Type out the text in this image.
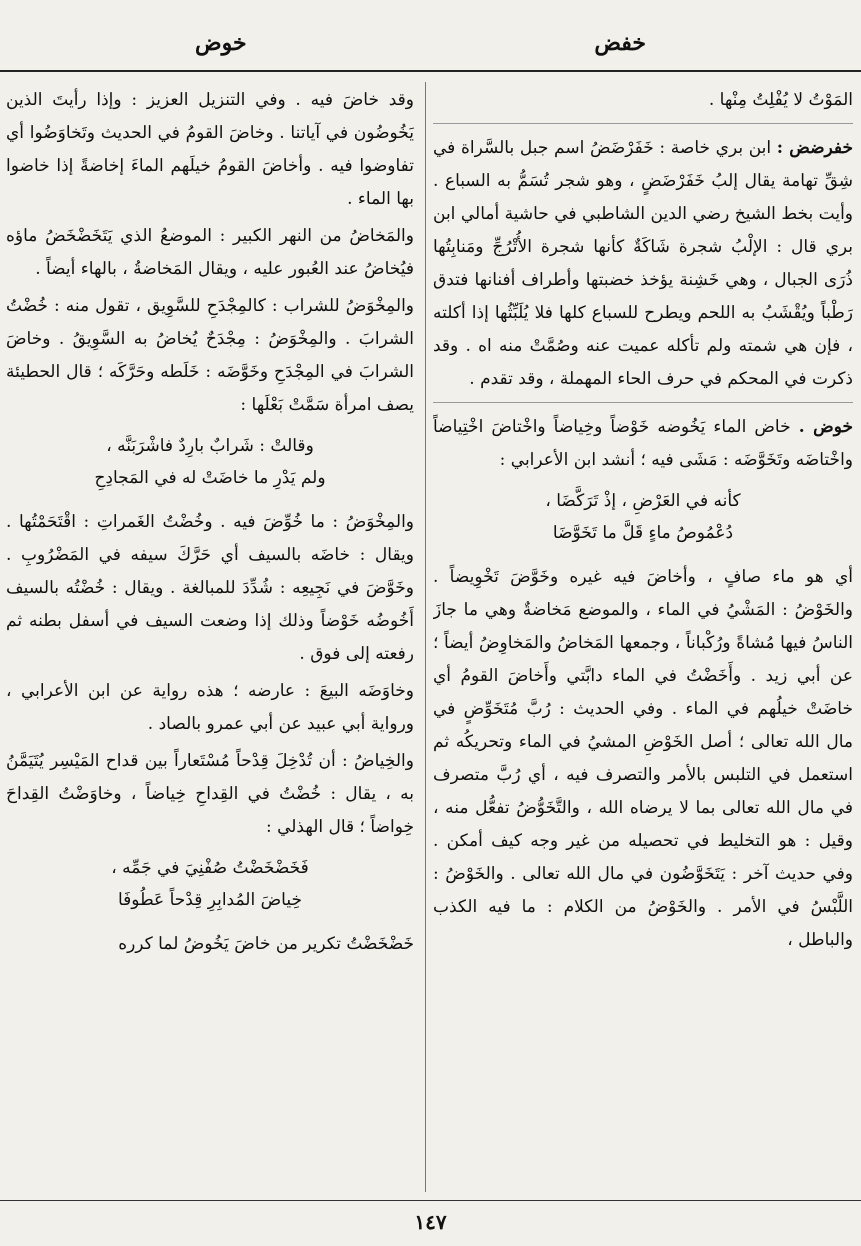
خفض
خوض

المَوْتُ لا يُفْلِتُ مِنْها .

خفرضض : ابن بري خاصة : خَفَرْضَضُ اسم جبل بالسَّراة في شِقِّ تهامة يقال إلبُ خَفَرْضَضٍ ، وهو شجر تُسَمُّ به السباع . وأيت بخط الشيخ رضي الدين الشاطبي في حاشية أمالي ابن بري قال : الإلْبُ شجرة شَاكَةٌ كأنها شجرة الأُتْرُجِّ ومَنابِتُها ذُرَى الجبال ، وهي خَشِنة يؤخذ خضبتها وأطراف أفنانها فتدق رَطْباً ويُقْشَبُ به اللحم ويطرح للسباع كلها فلا يُلَبِّثُها إذا أكلته ، فإن هي شمته ولم تأكله عميت عنه وصُمَّتْ منه اه . وقد ذكرت في المحكم في حرف الحاء المهملة ، وقد تقدم .

خوض . خاض الماء يَخُوضه خَوْضاً وخِياضاً واخْتاضَ اخْتِياضاً واخْتاضَه وتَخَوَّضَه : مَشَى فيه ؛ أنشد ابن الأعرابي :

كأنه في العَرْضِ ، إذْ تَرَكَّضَا ،
دُعْمُوصُ ماءٍ قَلَّ ما تَخَوَّضَا

أي هو ماء صافٍ ، وأخاضَ فيه غيره وخَوَّضَ تَخْوِيضاً . والخَوْضُ : المَشْيُ في الماء ، والموضع مَخاضةٌ وهي ما جازَ الناسُ فيها مُشاةً ورُكْباناً ، وجمعها المَخاضُ والمَخاوِضُ أيضاً ؛ عن أبي زيد . وأَخَضْتُ في الماء دابَّتي وأَخاضَ القومُ أي خاضَتْ خيلُهم في الماء . وفي الحديث : رُبَّ مُتَخَوِّضٍ في مال الله تعالى ؛ أصل الخَوْضِ المشيُ في الماء وتحريكُه ثم استعمل في التلبس بالأمر والتصرف فيه ، أي رُبَّ متصرف في مال الله تعالى بما لا يرضاه الله ، والتَّخَوُّضُ تفعُّل منه ، وقيل : هو التخليط في تحصيله من غير وجه كيف أمكن . وفي حديث آخر : يَتَخَوَّضُون في مال الله تعالى . والخَوْضُ : اللَّبْسُ في الأمر . والخَوْضُ من الكلام : ما فيه الكذب والباطل ،

وقد خاضَ فيه . وفي التنزيل العزيز : وإذا رأيتَ الذين يَخُوضُون في آياتنا . وخاضَ القومُ في الحديث وتَخاوَضُوا أي تفاوضوا فيه . وأخاضَ القومُ خيلَهم الماءَ إخاضةً إذا خاضوا بها الماء .

والمَخاضُ من النهر الكبير : الموضعُ الذي يَتَخَضْخَضُ ماؤه فيُخاضُ عند العُبور عليه ، ويقال المَخاضةُ ، بالهاء أيضاً .

والمِخْوَضُ للشراب : كالمِجْدَحِ للسَّوِيق ، تقول منه : خُضْتُ الشرابَ . والمِخْوَضُ : مِجْدَحٌ يُخاضُ به السَّوِيقُ . وخاضَ الشرابَ في المِجْدَحِ وخَوَّضَه : خَلَطه وحَرَّكَه ؛ قال الحطيئة يصف امرأة سَمَّتْ بَعْلَها :

وقالتْ : شَرابٌ بارِدٌ فاشْرَبَنَّه ،
ولم يَدْرِ ما خاضَتْ له في المَجادِحِ

والمِخْوَضُ : ما خُوِّضَ فيه . وخُضْتُ الغَمراتِ : اقْتَحَمْتُها . ويقال : خاضَه بالسيف أي حَرَّكَ سيفه في المَضْرُوبِ . وخَوَّضَ في نَجِيعِه : شُدِّدَ للمبالغة . ويقال : خُضْتُه بالسيف أَخُوضُه خَوْضاً وذلك إذا وضعت السيف في أسفل بطنه ثم رفعته إلى فوق .

وخاوَضَه البيعَ : عارضه ؛ هذه رواية عن ابن الأعرابي ، ورواية أبي عبيد عن أبي عمرو بالصاد .

والخِياضُ : أن تُدْخِلَ قِدْحاً مُسْتَعاراً بين قداح المَيْسِر يُتَيَمَّنُ به ، يقال : خُضْتُ في القِداحِ خِياضاً ، وخاوَضْتُ القِداحَ خِواضاً ؛ قال الهذلي :

فَخَضْخَضْتُ صُفْنِيَ في جَمِّه ،
خِياضَ المُدابِرِ قِدْحاً عَطُوفَا

خَضْخَضْتُ تكرير من خاضَ يَخُوضُ لما كرره

١٤٧
